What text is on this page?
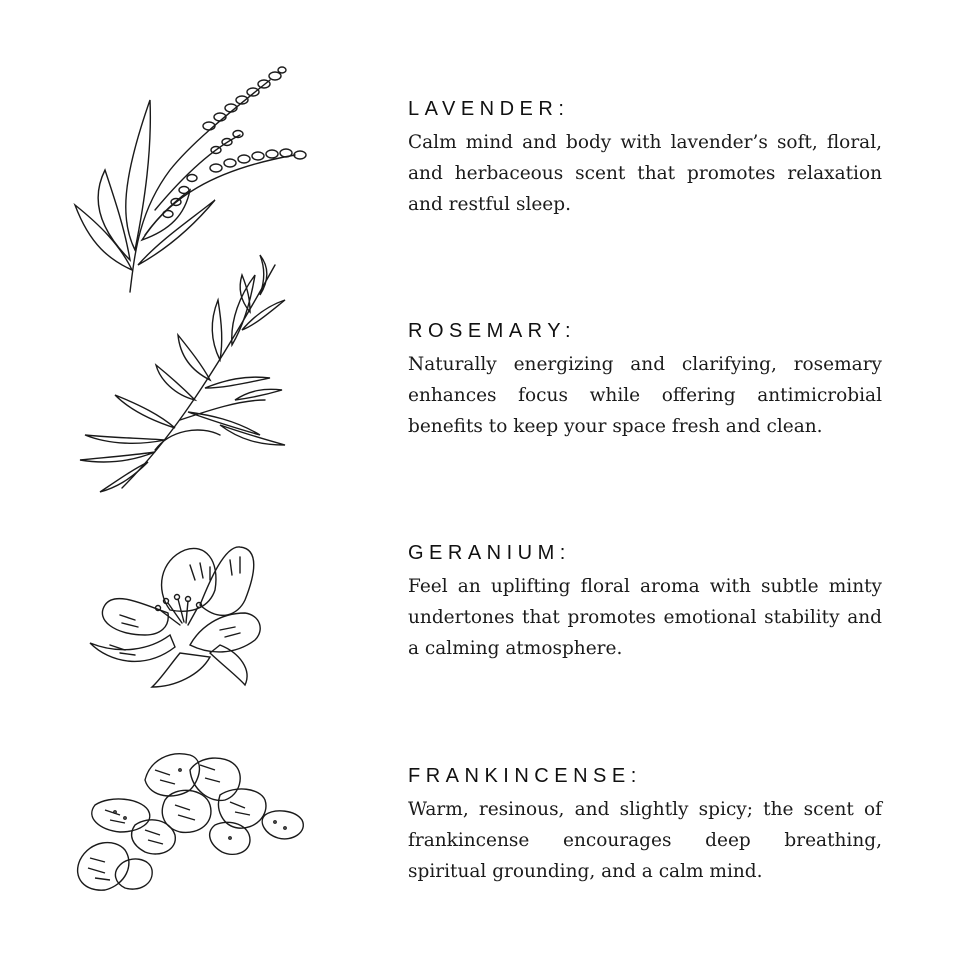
LAVENDER:

Calm mind and body with lavender’s soft, floral, and herbaceous scent that promotes relaxation and restful sleep.

ROSEMARY:

Naturally energizing and clarifying, rosemary enhances focus while offering antimicrobial benefits to keep your space fresh and clean.

GERANIUM:

Feel an uplifting floral aroma with subtle minty undertones that promotes emotional stability and a calming atmosphere.

FRANKINCENSE:

Warm, resinous, and slightly spicy; the scent of frankincense encourages deep breathing, spiritual grounding, and a calm mind.
